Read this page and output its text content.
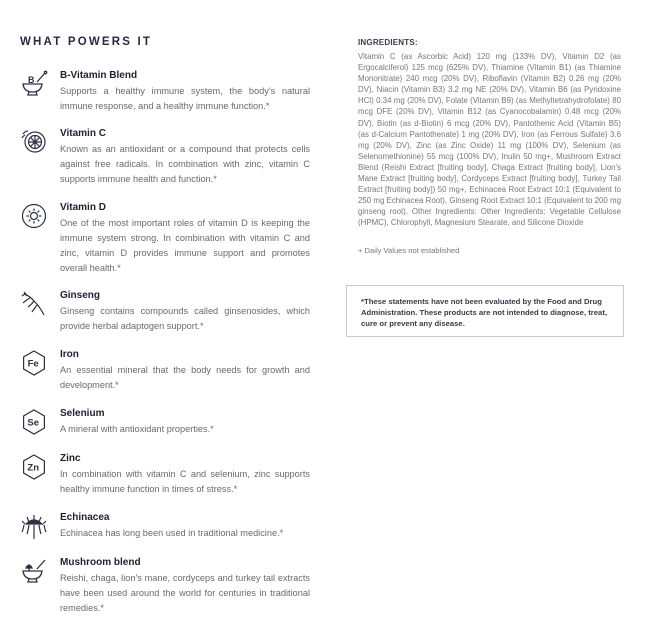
WHAT POWERS IT
B	B-Vitamin Blend
Supports a healthy immune system, the body's natural immune response, and a healthy immune function.*
Vitamin C
Known as an antioxidant or a compound that protects cells against free radicals. In combination with zinc, vitamin C supports immune health and function.*
Vitamin D
One of the most important roles of vitamin D is keeping the immune system strong. In combination with vitamin C and zinc, vitamin D provides immune support and promotes overall health.*
Ginseng
Ginseng contains compounds called ginsenosides, which provide herbal adaptogen support.*
Fe
Iron
An essential mineral that the body needs for growth and development.*
Se
Selenium
A mineral with antioxidant properties.*
Zn
Zinc
In combination with vitamin C and selenium, zinc supports healthy immune function in times of stress.*
Echinacea
Echinacea has long been used in traditional medicine.*
Mushroom blend
Reishi, chaga, lion's mane, cordyceps and turkey tail extracts have been used around the world for centuries in traditional remedies.*
INGREDIENTS:
Vitamin C (as Ascorbic Acid) 120 mg (133% DV), Vitamin D2 (as Ergocalciferol) 125 mcg (625% DV), Thiamine (Vitamin B1) (as Thiamine Mononitrate) 240 mcg (20% DV), Riboflavin (Vitamin B2) 0.26 mg (20% DV), Niacin (Vitamin B3) 3.2 mg NE (20% DV), Vitamin B6 (as Pyridoxine HCl) 0.34 mg (20% DV), Folate (Vitamin B9) (as Methyltetrahydrofolate) 80 mcg DFE (20% DV), Vitamin B12 (as Cyanocobalamin) 0.48 mcg (20% DV), Biotin (as d-Biotin) 6 mcg (20% DV), Pantothenic Acid (Vitamin B5) (as d-Calcium Pantothenate) 1 mg (20% DV), Iron (as Ferrous Sulfate) 3.6 mg (20% DV), Zinc (as Zinc Oxide) 11 mg (100% DV), Selenium (as Selenomethionine) 55 mcg (100% DV), Inulin 50 mg+, Mushroom Extract Blend (Reishi Extract [fruiting body], Chaga Extract [fruiting body], Lion's Mane Extract [fruiting body], Cordyceps Extract [fruiting body], Turkey Tail Extract [fruiting body]) 50 mg+, Echinacea Root Extract 10:1 (Equivalent to 250 mg Echinacea Root), Ginseng Root Extract 10:1 (Equivalent to 200 mg ginseng root). Other Ingredients: Other Ingredients: Vegetable Cellulose (HPMC), Chlorophyll, Magnesium Stearate, and Silicone Dioxide
+ Daily Values not established
*These statements have not been evaluated by the Food and Drug Administration. These products are not intended to diagnose, treat, cure or prevent any disease.
